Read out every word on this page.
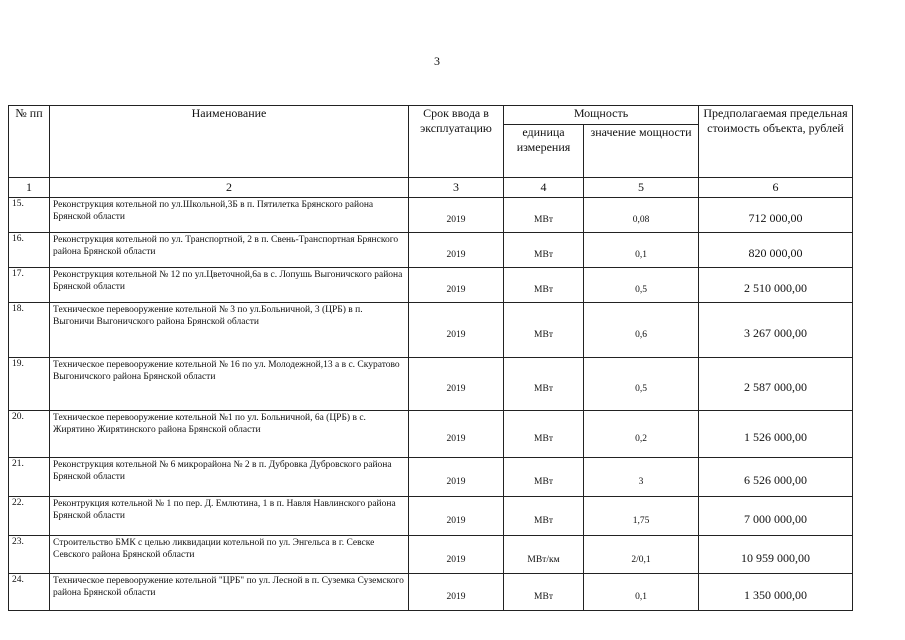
3
№ пп	Наименование	Срок ввода в эксплуатацию	Мощность		Предполагаемая предельная стоимость объекта, рублей
			единица измерения	значение мощности	
1	2	3	4	5	6
15.	Реконструкция котельной по ул.Школьной,3Б в п. Пятилетка Брянского района Брянской области	2019	МВт	0,08	712 000,00
16.	Реконструкция котельной по ул. Транспортной, 2 в п. Свень-Транспортная Брянского района Брянской области	2019	МВт	0,1	820 000,00
17.	Реконструкция котельной № 12 по ул.Цветочной,6а в с. Лопушь Выгоничского района Брянской области	2019	МВт	0,5	2 510 000,00
18.	Техническое перевооружение котельной № 3 по ул.Больничной, 3 (ЦРБ) в п. Выгоничи Выгоничского района Брянской области	2019	МВт	0,6	3 267 000,00
19.	Техническое перевооружение котельной № 16 по ул. Молодежной,13 а в с. Скуратово Выгоничского района Брянской области	2019	МВт	0,5	2 587 000,00
20.	Техническое перевооружение котельной №1 по ул. Больничной, 6а (ЦРБ) в с. Жирятино Жирятинского района Брянской области	2019	МВт	0,2	1 526 000,00
21.	Реконструкция котельной № 6 микрорайона № 2 в п. Дубровка Дубровского района Брянской области	2019	МВт	3	6 526 000,00
22.	Реконтрукция котельной № 1 по пер. Д. Емлютина, 1 в п. Навля Навлинского района Брянской области	2019	МВт	1,75	7 000 000,00
23.	Строительство БМК с целью ликвидации котельной по ул. Энгельса в г. Севске Севского района Брянской области	2019	МВт/км	2/0,1	10 959 000,00
24.	Техническое перевооружение котельной "ЦРБ" по ул. Лесной в п. Суземка Суземского района Брянской области	2019	МВт	0,1	1 350 000,00
